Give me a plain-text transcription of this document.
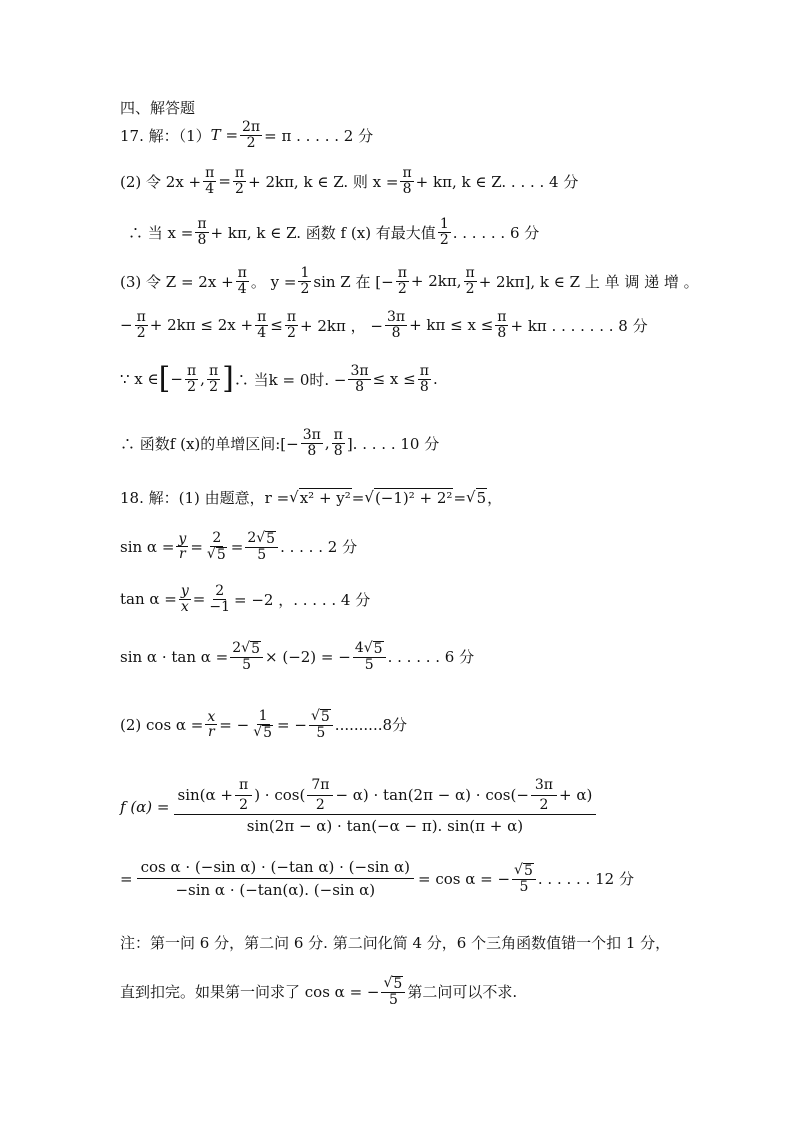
四、解答题
17. 解：（1） $T = \frac{2\pi}{2} = \pi$ . . . . . 2 分
(2) 令 $2x + \frac{\pi}{4} = \frac{\pi}{2} + 2k\pi$, k ∈ Z. 则 $x = \frac{\pi}{8} + k\pi$, k ∈ Z. . . . . 4 分
∴ 当 $x = \frac{\pi}{8} + k\pi$, k ∈ Z. 函数 f (x) 有最大值 $\frac{1}{2}$ . . . . . . 6 分
(3) 令 $Z = 2x + \frac{\pi}{4}$ 。 $y = \frac{1}{2}$ sin Z 在 [− $\frac{\pi}{2} + 2k\pi$, $\frac{\pi}{2} + 2k\pi$], k ∈ Z 上 单 调 递 增 。
− $\frac{\pi}{2} + 2k\pi \le 2x + \frac{\pi}{4} \le \frac{\pi}{2} + 2k\pi$ ， − $\frac{3\pi}{8} + k\pi \le x \le \frac{\pi}{8} + k\pi$ . . . . . . . 8 分
∵ x ∈ [ − $\frac{\pi}{2}$ , $\frac{\pi}{2}$ ] ∴ 当k = 0时. − $\frac{3\pi}{8} \le x \le \frac{\pi}{8}$ .
∴ 函数f (x)的单增区间:[− $\frac{3\pi}{8}$ , $\frac{\pi}{8}$ ]. . . . . 10 分
18. 解：(1) 由题意，r = √ x² + y² = √ (−1)² + 2² = √ 5 ，
$\sin \alpha = \frac{y}{r} = \frac{2}{√ 5} = \frac{2√ 5}{5}$ . . . . . 2 分
$\tan \alpha = \frac{y}{x} = \frac{2}{-1} = -2$ ，. . . . . 4 分
$\sin \alpha \cdot \tan \alpha = \frac{2√ 5}{5} \times (-2)$ = − $\frac{4√ 5}{5}$ . . . . . . 6 分
(2) $\cos \alpha = \frac{x}{r}$ = − $\frac{1}{√ 5}$ = − $\frac{√ 5}{5} ..........8$分
f (α) =
$\sin(\alpha + \frac{\pi}{2}$ ) · $\cos( \frac{7\pi}{2} - \alpha) \cdot \tan(2\pi - \alpha) \cdot \cos(- \frac{3\pi}{2} + \alpha)$
sin(2π − α) · tan(−α − π). sin(π + α)
= $\frac{\text{cos α · (−sin α) · (−tan α) · (−sin α)}}{\text{−sin α · (−tan(α). (−sin α)}} = \cos \alpha$ = − $\frac{√ 5}{5}$ . . . . . . 12 分
注：第一问 6 分，第二问 6 分. 第二问化简 4 分，6 个三角函数值错一个扣 1 分，
直到扣完。如果第一问求了 cos α = − $\frac{√ 5}{5}$ 第二问可以不求.
